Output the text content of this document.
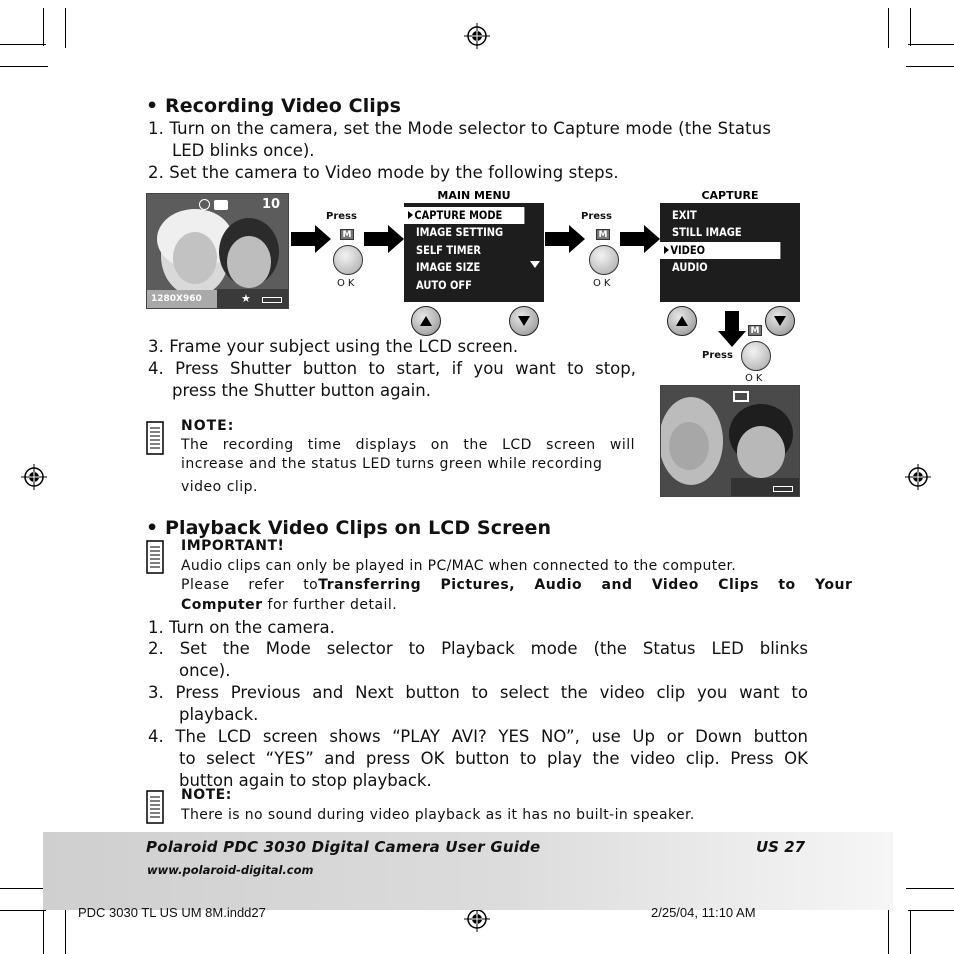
• Recording Video Clips
1. Turn on the camera, set the Mode selector to Capture mode (the Status
LED blinks once).
2. Set the camera to Video mode by the following steps.
10
1280X960	★
Press
M
OK
MAIN MENU
CAPTURE MODE
IMAGE SETTING
SELF TIMER
IMAGE SIZE
AUTO OFF
Press
M
OK
CAPTURE
EXIT
STILL IMAGE
VIDEO
AUDIO
Press
M
OK
3. Frame your subject using the LCD screen.
4. Press Shutter button to start, if you want to stop,
press the Shutter button again.
NOTE:
The recording time displays on the LCD screen will
increase and the status LED turns green while recording
video clip.
• Playback Video Clips on LCD Screen
IMPORTANT!
Audio clips can only be played in PC/MAC when connected to the computer.
Please refer to Transferring Pictures, Audio and Video Clips to Your
Computer for further detail.
1. Turn on the camera.
2. Set the Mode selector to Playback mode (the Status LED blinks
once).
3. Press Previous and Next button to select the video clip you want to
playback.
4. The LCD screen shows “PLAY AVI? YES NO”, use Up or Down button
to select “YES” and press OK button to play the video clip. Press OK
button again to stop playback.
NOTE:
There is no sound during video playback as it has no built-in speaker.
Polaroid PDC 3030 Digital Camera User Guide	US 27
www.polaroid-digital.com
PDC 3030 TL US UM 8M.indd27	2/25/04, 11:10 AM
